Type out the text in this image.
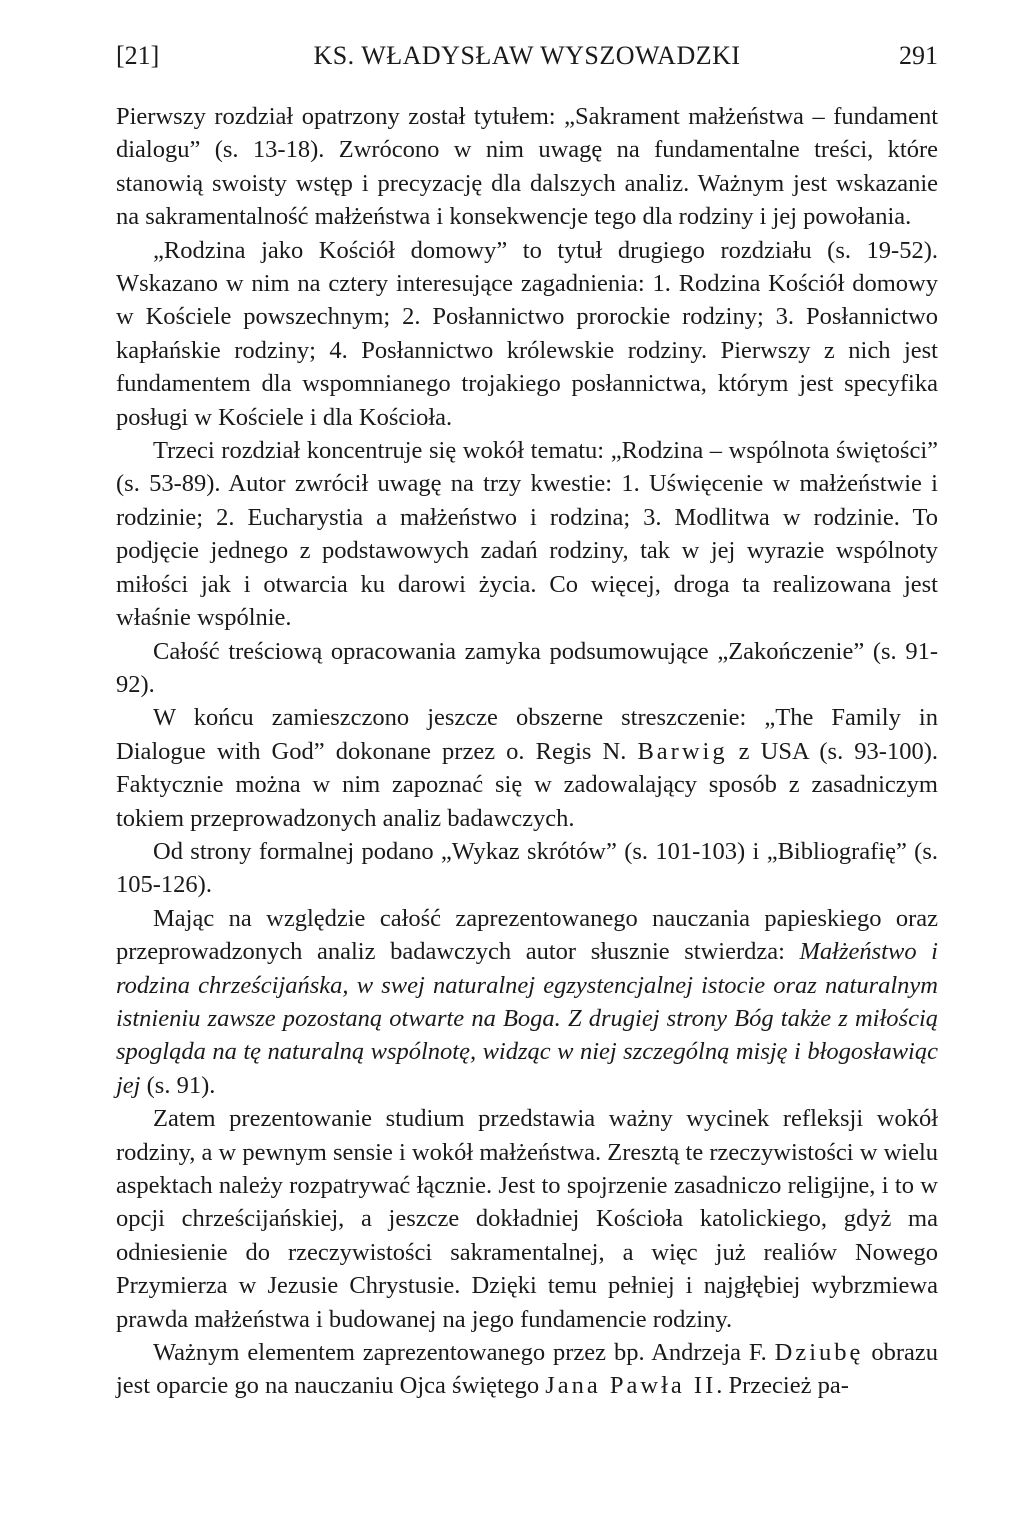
[21]	KS. WŁADYSŁAW WYSZOWADZKI	291

Pierwszy rozdział opatrzony został tytułem: „Sakrament małżeństwa – fundament dialogu” (s. 13-18). Zwrócono w nim uwagę na fundamentalne treści, które stanowią swoisty wstęp i precyzację dla dalszych analiz. Ważnym jest wskazanie na sakramentalność małżeństwa i konsekwencje tego dla rodziny i jej powołania.

„Rodzina jako Kościół domowy” to tytuł drugiego rozdziału (s. 19-52). Wskazano w nim na cztery interesujące zagadnienia: 1. Rodzina Kościół domowy w Kościele powszechnym; 2. Posłannictwo prorockie rodziny; 3. Posłannictwo kapłańskie rodziny; 4. Posłannictwo królewskie rodziny. Pierwszy z nich jest fundamentem dla wspomnianego trojakiego posłannictwa, którym jest specyfika posługi w Kościele i dla Kościoła.

Trzeci rozdział koncentruje się wokół tematu: „Rodzina – wspólnota świętości” (s. 53-89). Autor zwrócił uwagę na trzy kwestie: 1. Uświęcenie w małżeństwie i rodzinie; 2. Eucharystia a małżeństwo i rodzina; 3. Modlitwa w rodzinie. To podjęcie jednego z podstawowych zadań rodziny, tak w jej wyrazie wspólnoty miłości jak i otwarcia ku darowi życia. Co więcej, droga ta realizowana jest właśnie wspólnie.

Całość treściową opracowania zamyka podsumowujące „Zakończenie” (s. 91-92).

W końcu zamieszczono jeszcze obszerne streszczenie: „The Family in Dialogue with God” dokonane przez o. Regis N. Barwig z USA (s. 93-100). Faktycznie można w nim zapoznać się w zadowalający sposób z zasadniczym tokiem przeprowadzonych analiz badawczych.

Od strony formalnej podano „Wykaz skrótów” (s. 101-103) i „Bibliografię” (s. 105-126).

Mając na względzie całość zaprezentowanego nauczania papieskiego oraz przeprowadzonych analiz badawczych autor słusznie stwierdza: Małżeństwo i rodzina chrześcijańska, w swej naturalnej egzystencjalnej istocie oraz naturalnym istnieniu zawsze pozostaną otwarte na Boga. Z drugiej strony Bóg także z miłością spogląda na tę naturalną wspólnotę, widząc w niej szczególną misję i błogosławiąc jej (s. 91).

Zatem prezentowanie studium przedstawia ważny wycinek refleksji wokół rodziny, a w pewnym sensie i wokół małżeństwa. Zresztą te rzeczywistości w wielu aspektach należy rozpatrywać łącznie. Jest to spojrzenie zasadniczo religijne, i to w opcji chrześcijańskiej, a jeszcze dokładniej Kościoła katolickiego, gdyż ma odniesienie do rzeczywistości sakramentalnej, a więc już realiów Nowego Przymierza w Jezusie Chrystusie. Dzięki temu pełniej i najgłębiej wybrzmiewa prawda małżeństwa i budowanej na jego fundamencie rodziny.

Ważnym elementem zaprezentowanego przez bp. Andrzeja F. Dziubę obrazu jest oparcie go na nauczaniu Ojca świętego Jana Pawła II. Przecież pa-
